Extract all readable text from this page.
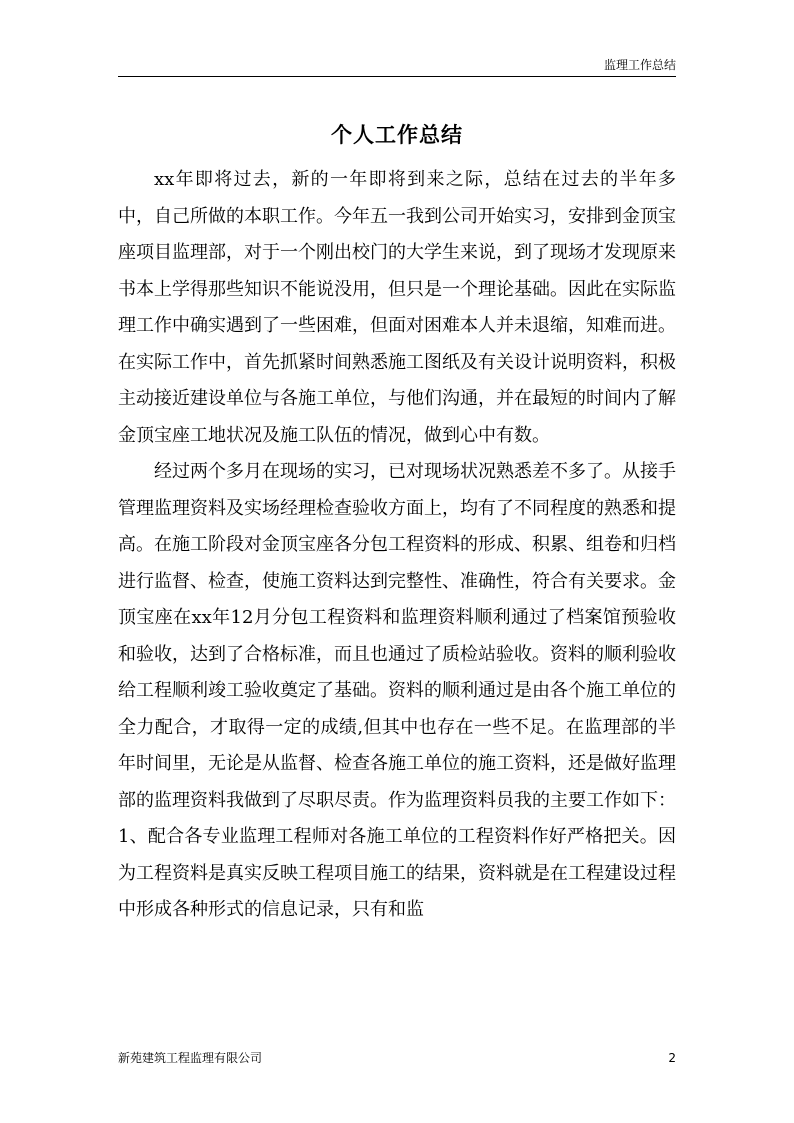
监理工作总结
个人工作总结

xx年即将过去，新的一年即将到来之际，总结在过去的半年多中，自己所做的本职工作。今年五一我到公司开始实习，安排到金顶宝座项目监理部，对于一个刚出校门的大学生来说，到了现场才发现原来书本上学得那些知识不能说没用，但只是一个理论基础。因此在实际监理工作中确实遇到了一些困难，但面对困难本人并未退缩，知难而进。在实际工作中，首先抓紧时间熟悉施工图纸及有关设计说明资料，积极主动接近建设单位与各施工单位，与他们沟通，并在最短的时间内了解金顶宝座工地状况及施工队伍的情况，做到心中有数。

经过两个多月在现场的实习，已对现场状况熟悉差不多了。从接手管理监理资料及实场经理检查验收方面上，均有了不同程度的熟悉和提高。在施工阶段对金顶宝座各分包工程资料的形成、积累、组卷和归档进行监督、检查，使施工资料达到完整性、准确性，符合有关要求。金顶宝座在xx年12月分包工程资料和监理资料顺利通过了档案馆预验收和验收，达到了合格标准，而且也通过了质检站验收。资料的顺利验收给工程顺利竣工验收奠定了基础。资料的顺利通过是由各个施工单位的全力配合，才取得一定的成绩,但其中也存在一些不足。在监理部的半年时间里，无论是从监督、检查各施工单位的施工资料，还是做好监理部的监理资料我做到了尽职尽责。作为监理资料员我的主要工作如下：1、配合各专业监理工程师对各施工单位的工程资料作好严格把关。因为工程资料是真实反映工程项目施工的结果，资料就是在工程建设过程中形成各种形式的信息记录，只有和监

新苑建筑工程监理有限公司	2
